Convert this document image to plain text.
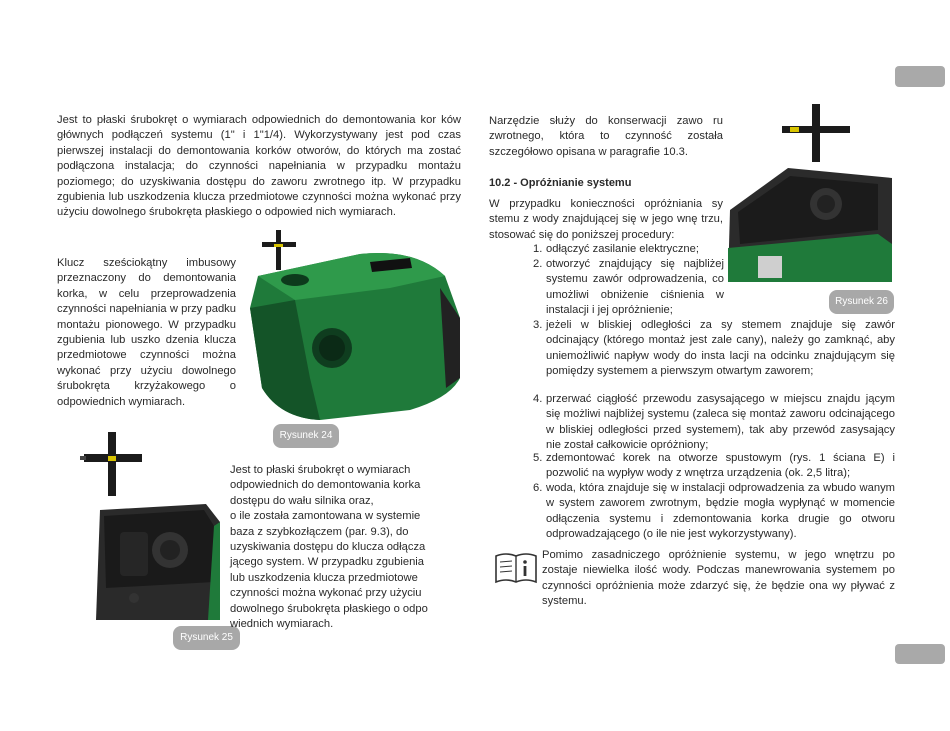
Jest to płaski śrubokręt o wymiarach odpowiednich do demontowania kor ków głównych podłączeń systemu (1" i 1"1/4). Wykorzystywany jest pod czas pierwszej instalacji do demontowania korków otworów, do których ma zostać podłączona instalacja; do czynności napełniania w przypadku montażu poziomego; do uzyskiwania dostępu do zaworu zwrotnego itp. W przypadku zgubienia lub uszkodzenia klucza przedmiotowe czynności można wykonać przy użyciu dowolnego śrubokręta płaskiego o odpowied nich wymiarach.
Klucz sześciokątny imbusowy przeznaczony do demontowania korka, w celu przeprowadzenia czynności napełniania w przy padku montażu pionowego. W przypadku zgubienia lub uszko dzenia klucza przedmiotowe czynności można wykonać przy użyciu dowolnego śrubokręta krzyżakowego o odpowiednich wymiarach.
Rysunek 24
Rysunek 25

Jest to płaski śrubokręt o wymiarach

odpowiednich do demontowania korka

dostępu do wału silnika oraz,

o ile została zamontowana w systemie

baza z szybkozłączem (par. 9.3), do

uzyskiwania dostępu do klucza odłącza

jącego system. W przypadku zgubienia

lub uszkodzenia klucza przedmiotowe

czynności można wykonać przy użyciu

dowolnego śrubokręta płaskiego o odpo

wiednich wymiarach.

Narzędzie służy do konserwacji zawo ru zwrotnego, która to czynność została szczegółowo opisana w paragrafie 10.3.
Rysunek 26
10.2 - Opróżnianie systemu
W przypadku konieczności opróżniania sy stemu z wody znajdującej się w jego wnę trzu, stosować się do poniższej procedury:
1. odłączyć zasilanie elektryczne;
2. otworzyć znajdujący się najbliżej systemu zawór odprowadzenia, co umożliwi obniżenie ciśnienia w instalacji i jej opróżnienie;
3. jeżeli w bliskiej odległości za sy stemem znajduje się zawór odcinający (którego montaż jest zale cany), należy go zamknąć, aby uniemożliwić napływ wody do insta lacji na odcinku znajdującym się pomiędzy systemem a pierwszym otwartym zaworem;
4. przerwać ciągłość przewodu zasysającego w miejscu znajdu jącym się możliwi najbliżej systemu (zaleca się montaż zaworu odcinającego w bliskiej odległości przed systemem), tak aby przewód zasysający nie został całkowicie opróżniony;
5. zdemontować korek na otworze spustowym (rys. 1 ściana E) i pozwolić na wypływ wody z wnętrza urządzenia (ok. 2,5 litra);
6. woda, która znajduje się w instalacji odprowadzenia za wbudo wanym w system zaworem zwrotnym, będzie mogła wypłynąć w momencie odłączenia systemu i zdemontowania korka drugie go otworu odprowadzającego (o ile nie jest wykorzystywany).
Pomimo zasadniczego opróżnienie systemu, w jego wnętrzu po zostaje niewielka ilość wody. Podczas manewrowania systemem po czynności opróżnienia może zdarzyć się, że będzie ona wy pływać z systemu.
